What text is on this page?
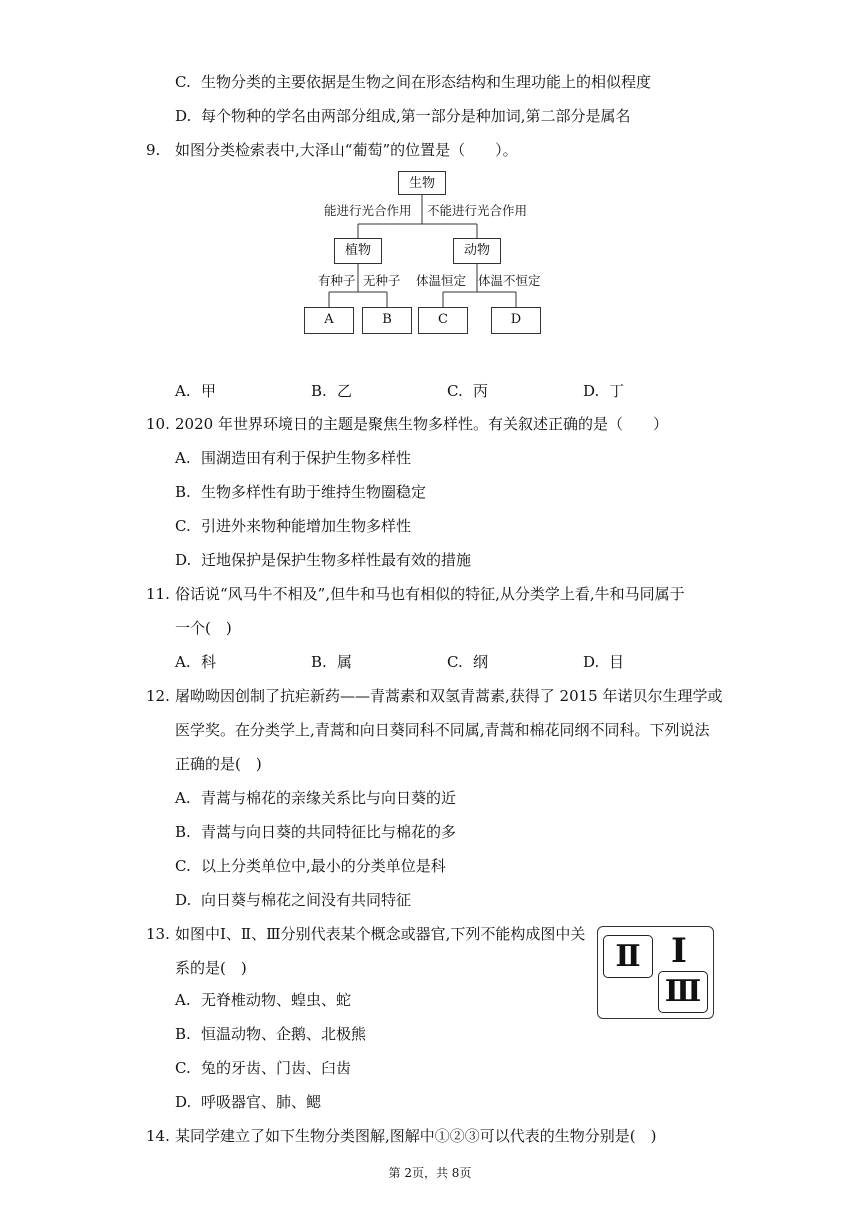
C. 生物分类的主要依据是生物之间在形态结构和生理功能上的相似程度
D. 每个物种的学名由两部分组成,第一部分是种加词,第二部分是属名
9. 如图分类检索表中,大泽山“葡萄”的位置是（　　）。
生物
能进行光合作用 不能进行光合作用
植物	动物
有种子 无种子 体温恒定 体温不恒定
A	B	C	D
A. 甲	B. 乙	C. 丙	D. 丁
10. 2020 年世界环境日的主题是聚焦生物多样性。有关叙述正确的是（　　）
A. 围湖造田有利于保护生物多样性
B. 生物多样性有助于维持生物圈稳定
C. 引进外来物种能增加生物多样性
D. 迁地保护是保护生物多样性最有效的措施
11. 俗话说“风马牛不相及”,但牛和马也有相似的特征,从分类学上看,牛和马同属于
一个(　)
A. 科	B. 属	C. 纲	D. 目
12. 屠呦呦因创制了抗疟新药——青蒿素和双氢青蒿素,获得了 2015 年诺贝尔生理学或
医学奖。在分类学上,青蒿和向日葵同科不同属,青蒿和棉花同纲不同科。下列说法
正确的是(　)
A. 青蒿与棉花的亲缘关系比与向日葵的近
B. 青蒿与向日葵的共同特征比与棉花的多
C. 以上分类单位中,最小的分类单位是科
D. 向日葵与棉花之间没有共同特征
13. 如图中Ⅰ、Ⅱ、Ⅲ分别代表某个概念或器官,下列不能构成图中关
系的是(　)	Ⅱ Ⅰ
Ⅲ
A. 无脊椎动物、蝗虫、蛇
B. 恒温动物、企鹅、北极熊
C. 兔的牙齿、门齿、臼齿
D. 呼吸器官、肺、鳃
14. 某同学建立了如下生物分类图解,图解中①②③可以代表的生物分别是(　)
第 2页，共 8页
